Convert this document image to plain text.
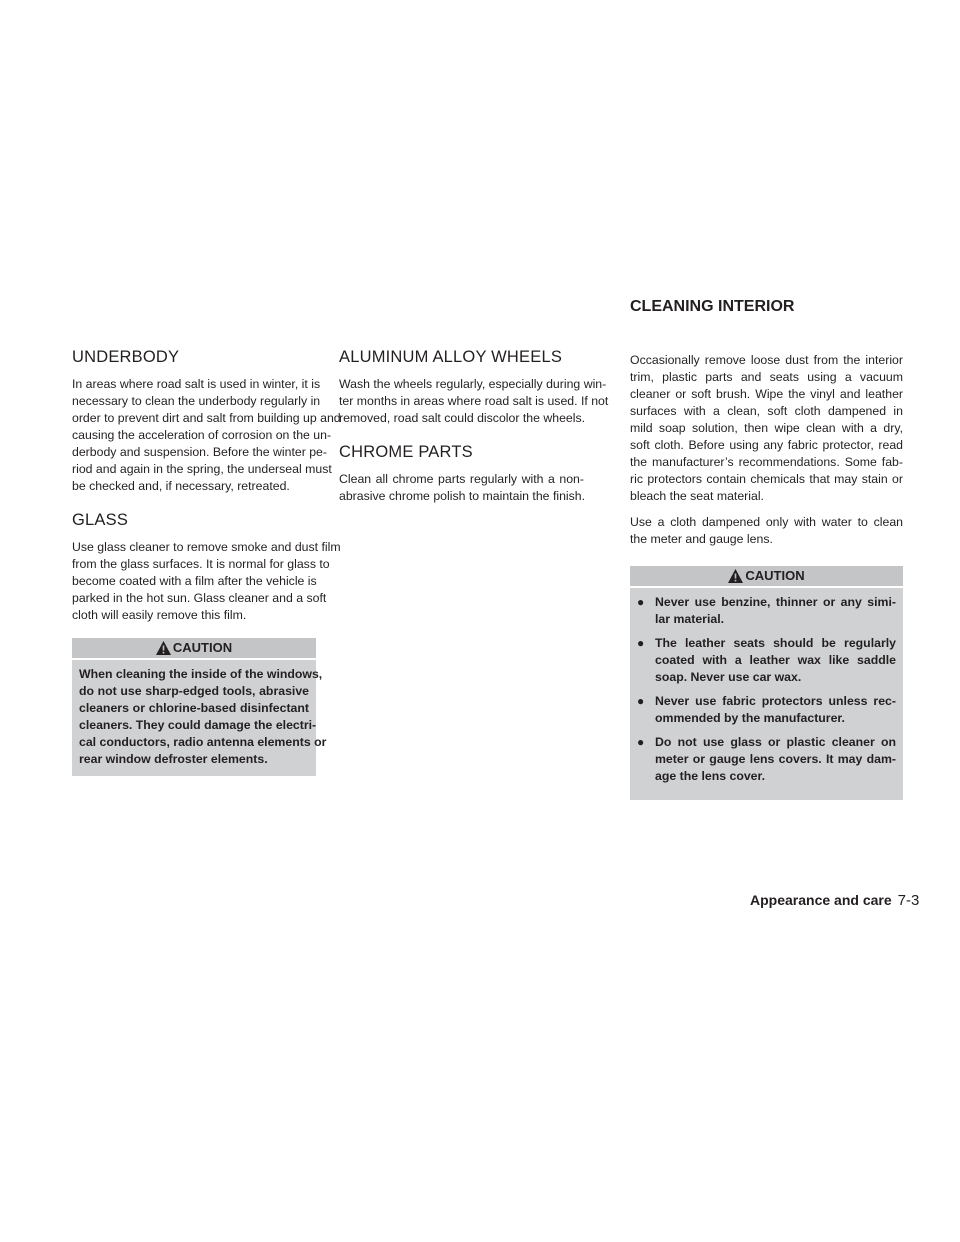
CLEANING INTERIOR
UNDERBODY
In areas where road salt is used in winter, it is
necessary to clean the underbody regularly in
order to prevent dirt and salt from building up and
causing the acceleration of corrosion on the un-
derbody and suspension. Before the winter pe-
riod and again in the spring, the underseal must
be checked and, if necessary, retreated.
GLASS
Use glass cleaner to remove smoke and dust film
from the glass surfaces. It is normal for glass to
become coated with a film after the vehicle is
parked in the hot sun. Glass cleaner and a soft
cloth will easily remove this film.
CAUTION
When cleaning the inside of the windows,
do not use sharp-edged tools, abrasive
cleaners or chlorine-based disinfectant
cleaners. They could damage the electri-
cal conductors, radio antenna elements or
rear window defroster elements.
ALUMINUM ALLOY WHEELS
Wash the wheels regularly, especially during win-
ter months in areas where road salt is used. If not
removed, road salt could discolor the wheels.
CHROME PARTS
Clean all chrome parts regularly with a non-
abrasive chrome polish to maintain the finish.
Occasionally remove loose dust from the interior
trim, plastic parts and seats using a vacuum
cleaner or soft brush. Wipe the vinyl and leather
surfaces with a clean, soft cloth dampened in
mild soap solution, then wipe clean with a dry,
soft cloth. Before using any fabric protector, read
the manufacturer’s recommendations. Some fab-
ric protectors contain chemicals that may stain or
bleach the seat material.
Use a cloth dampened only with water to clean
the meter and gauge lens.
CAUTION
● Never use benzine, thinner or any simi-
lar material.
● The leather seats should be regularly
coated with a leather wax like saddle
soap. Never use car wax.
● Never use fabric protectors unless rec-
ommended by the manufacturer.
● Do not use glass or plastic cleaner on
meter or gauge lens covers. It may dam-
age the lens cover.
Appearance and care 7-3
